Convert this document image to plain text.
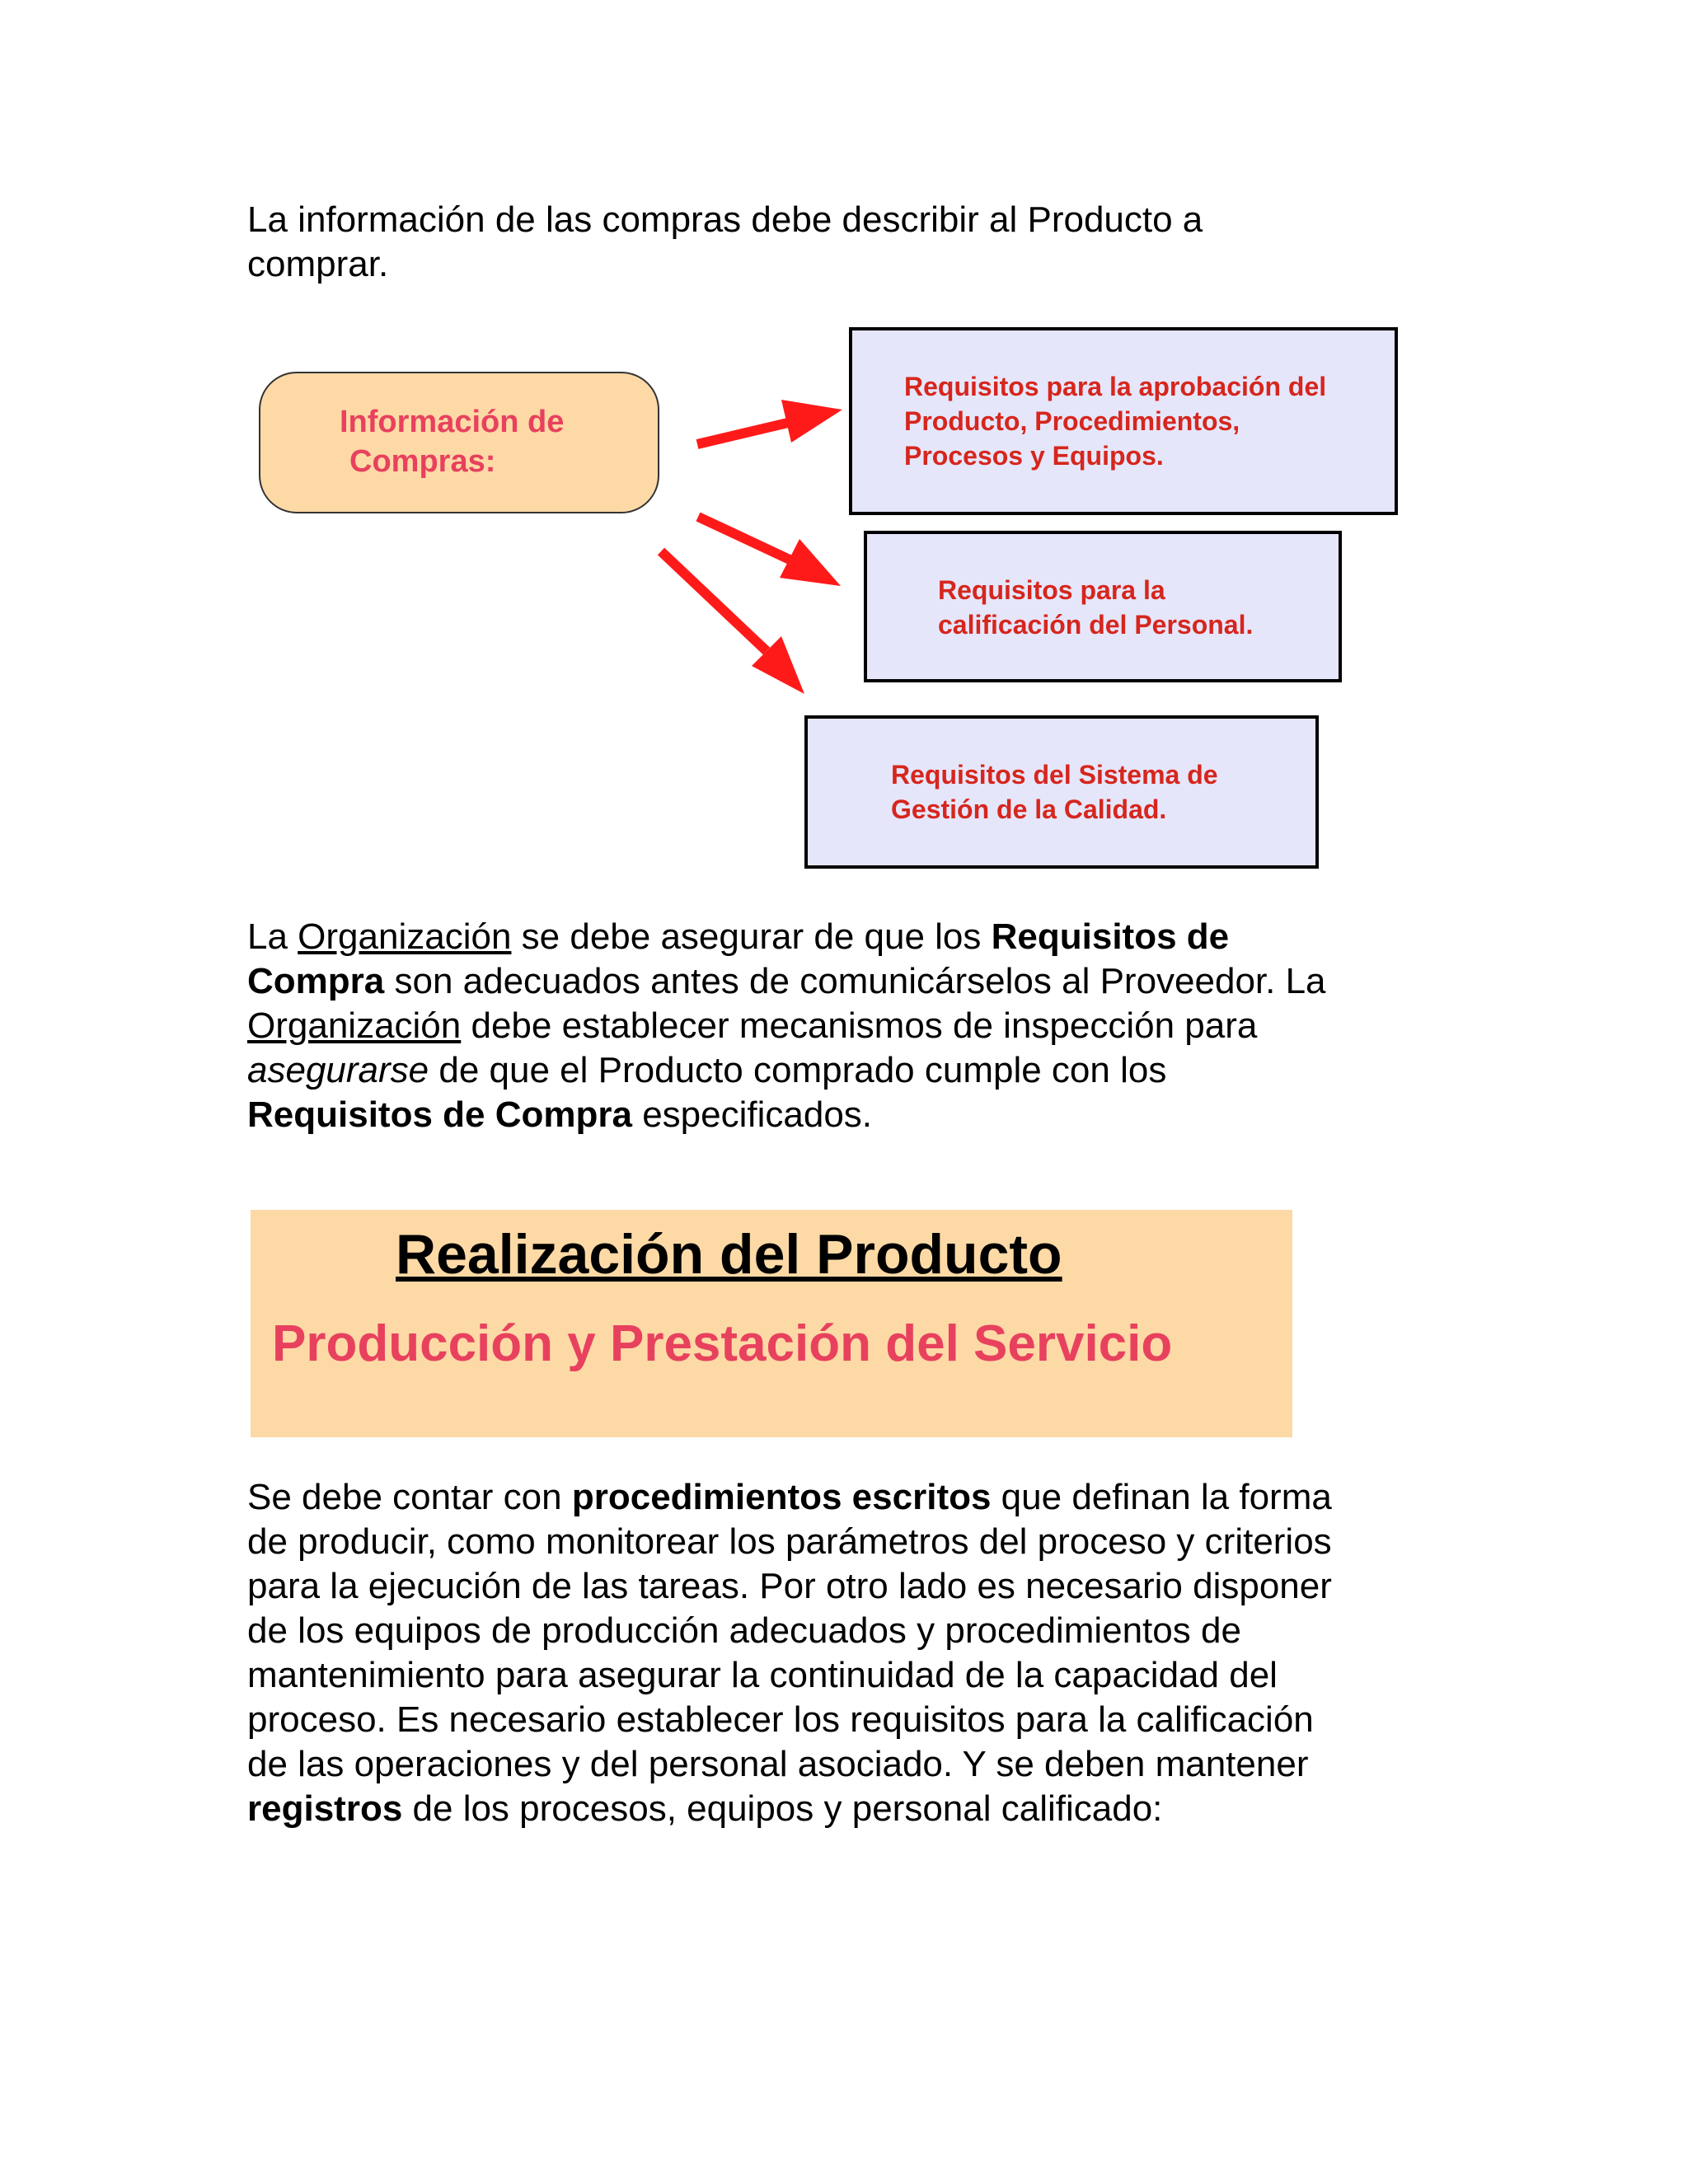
La información de las compras debe describir al Producto a
comprar.

Información de
Compras:
Requisitos para la aprobación del
Producto, Procedimientos,
Procesos y Equipos.
Requisitos para la
calificación del Personal.
Requisitos del Sistema de
Gestión de la Calidad.

La Organización se debe asegurar de que los Requisitos de
Compra son adecuados antes de comunicárselos al Proveedor. La
Organización debe establecer mecanismos de inspección para
asegurarse de que el Producto comprado cumple con los
Requisitos de Compra especificados.

Realización del Producto
Producción y Prestación del Servicio

Se debe contar con procedimientos escritos que definan la forma
de producir, como monitorear los parámetros del proceso y criterios
para la ejecución de las tareas. Por otro lado es necesario disponer
de los equipos de producción adecuados y procedimientos de
mantenimiento para asegurar la continuidad de la capacidad del
proceso. Es necesario establecer los requisitos para la calificación
de las operaciones y del personal asociado. Y se deben mantener
registros de los procesos, equipos y personal calificado:
